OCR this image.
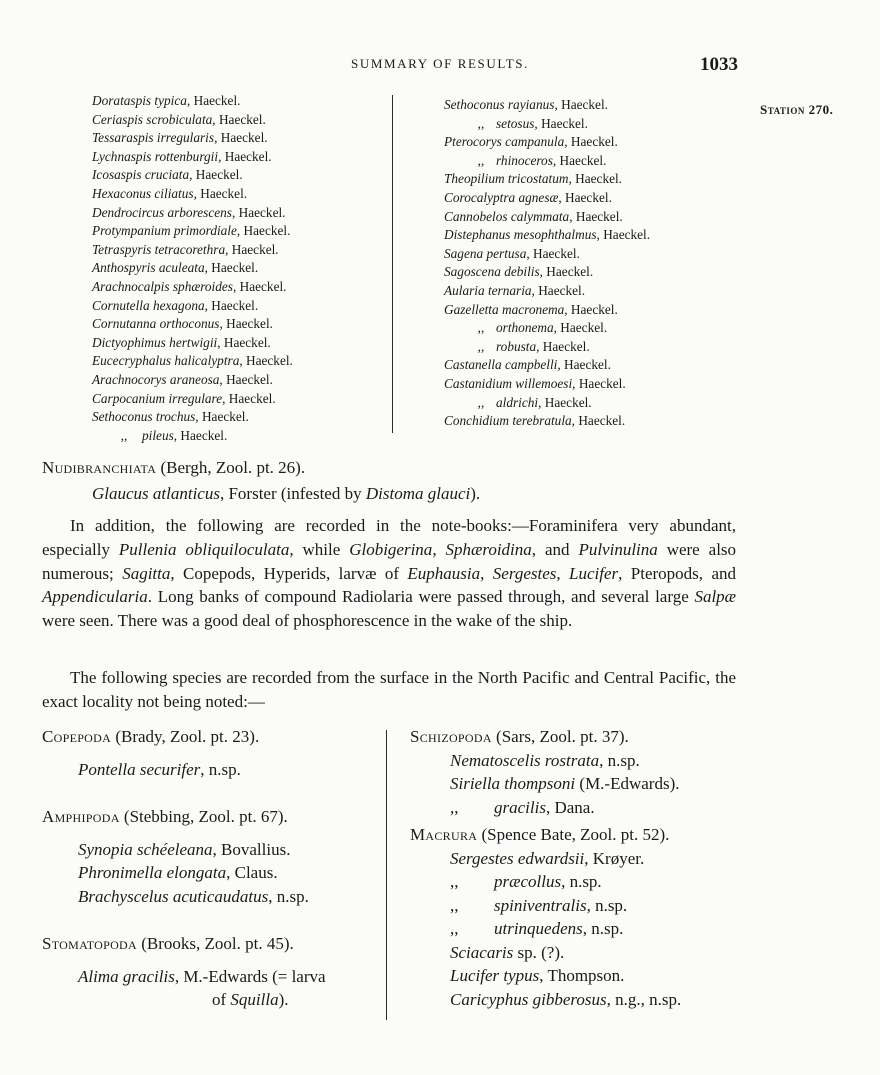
SUMMARY OF RESULTS.	1033
Station 270.
Dorataspis typica, Haeckel.
Ceriaspis scrobiculata, Haeckel.
Tessaraspis irregularis, Haeckel.
Lychnaspis rottenburgii, Haeckel.
Icosaspis cruciata, Haeckel.
Hexaconus ciliatus, Haeckel.
Dendrocircus arborescens, Haeckel.
Protympanium primordiale, Haeckel.
Tetraspyris tetracorethra, Haeckel.
Anthospyris aculeata, Haeckel.
Arachnocalpis sphæroides, Haeckel.
Cornutella hexagona, Haeckel.
Cornutanna orthoconus, Haeckel.
Dictyophimus hertwigii, Haeckel.
Eucecryphalus halicalyptra, Haeckel.
Arachnocorys araneosa, Haeckel.
Carpocanium irregulare, Haeckel.
Sethoconus trochus, Haeckel.
,, pileus, Haeckel.
Sethoconus rayianus, Haeckel.
,, setosus, Haeckel.
Pterocorys campanula, Haeckel.
,, rhinoceros, Haeckel.
Theopilium tricostatum, Haeckel.
Corocalyptra agnesæ, Haeckel.
Cannobelos calymmata, Haeckel.
Distephanus mesophthalmus, Haeckel.
Sagena pertusa, Haeckel.
Sagoscena debilis, Haeckel.
Aularia ternaria, Haeckel.
Gazelletta macronema, Haeckel.
,, orthonema, Haeckel.
,, robusta, Haeckel.
Castanella campbelli, Haeckel.
Castanidium willemoesi, Haeckel.
,, aldrichi, Haeckel.
Conchidium terebratula, Haeckel.
Nudibranchiata (Bergh, Zool. pt. 26).
Glaucus atlanticus, Forster (infested by Distoma glauci).

In addition, the following are recorded in the note-books:—Foraminifera very abundant, especially Pullenia obliquiloculata, while Globigerina, Sphæroidina, and Pulvinulina were also numerous; Sagitta, Copepods, Hyperids, larvæ of Euphausia, Sergestes, Lucifer, Pteropods, and Appendicularia. Long banks of compound Radiolaria were passed through, and several large Salpæ were seen. There was a good deal of phosphorescence in the wake of the ship.

The following species are recorded from the surface in the North Pacific and Central Pacific, the exact locality not being noted:—

Copepoda (Brady, Zool. pt. 23).
Pontella securifer, n.sp.
Amphipoda (Stebbing, Zool. pt. 67).
Synopia schéeleana, Bovallius.
Phronimella elongata, Claus.
Brachyscelus acuticaudatus, n.sp.
Stomatopoda (Brooks, Zool. pt. 45).
Alima gracilis, M.-Edwards (= larva
of Squilla).
Schizopoda (Sars, Zool. pt. 37).
Nematoscelis rostrata, n.sp.
Siriella thompsoni (M.-Edwards).
,, gracilis, Dana.
Macrura (Spence Bate, Zool. pt. 52).
Sergestes edwardsii, Krøyer.
,, præcollus, n.sp.
,, spiniventralis, n.sp.
,, utrinquedens, n.sp.
Sciacaris sp. (?).
Lucifer typus, Thompson.
Caricyphus gibberosus, n.g., n.sp.
